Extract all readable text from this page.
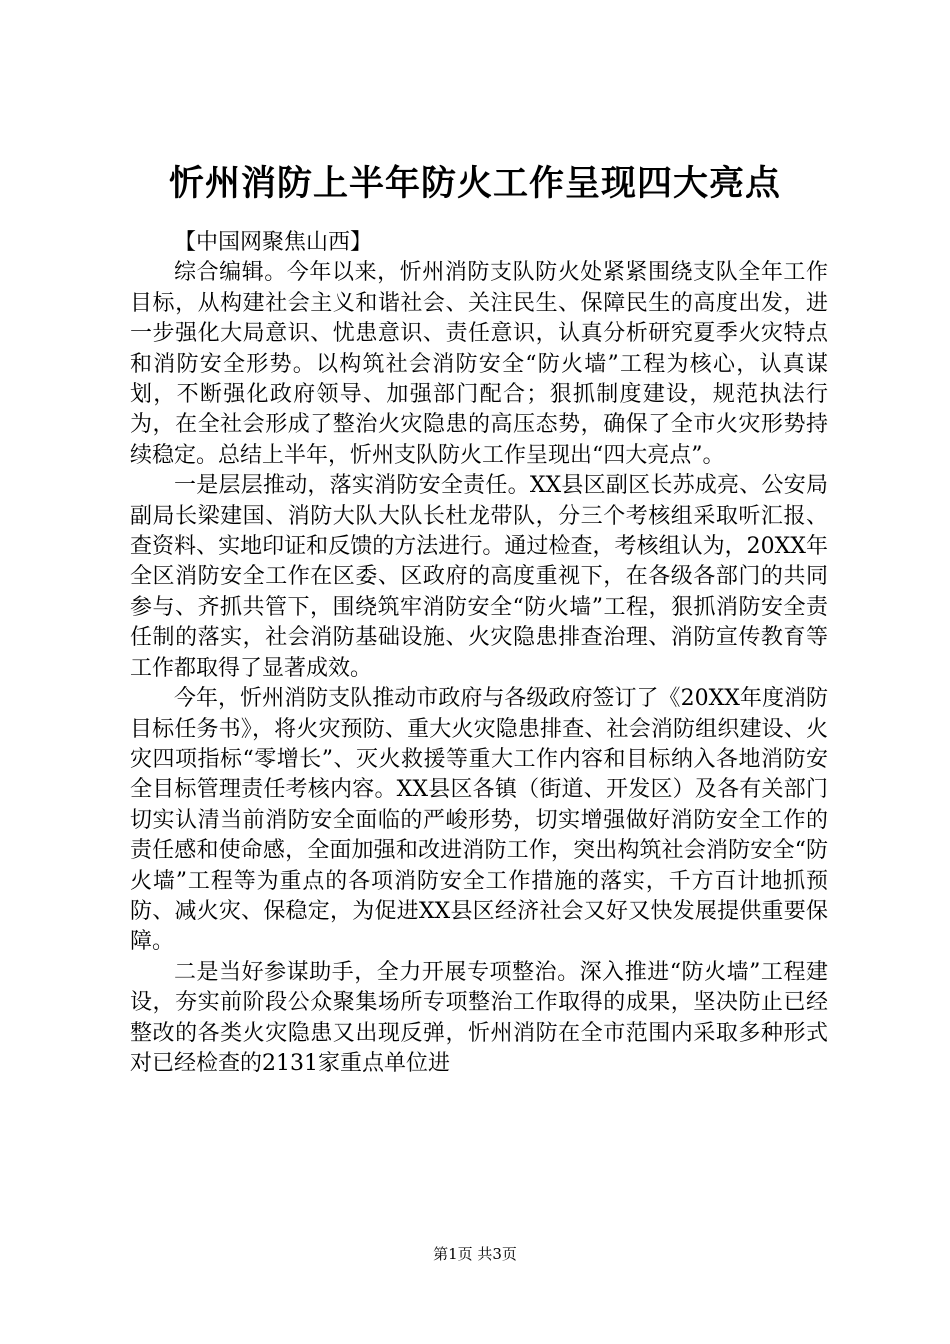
忻州消防上半年防火工作呈现四大亮点
【中国网聚焦山西】

综合编辑。今年以来，忻州消防支队防火处紧紧围绕支队全年工作目标，从构建社会主义和谐社会、关注民生、保障民生的高度出发，进一步强化大局意识、忧患意识、责任意识，认真分析研究夏季火灾特点和消防安全形势。以构筑社会消防安全“防火墙”工程为核心，认真谋划，不断强化政府领导、加强部门配合；狠抓制度建设，规范执法行为，在全社会形成了整治火灾隐患的高压态势，确保了全市火灾形势持续稳定。总结上半年，忻州支队防火工作呈现出“四大亮点”。

一是层层推动，落实消防安全责任。XX县区副区长苏成亮、公安局副局长梁建国、消防大队大队长杜龙带队，分三个考核组采取听汇报、查资料、实地印证和反馈的方法进行。通过检查，考核组认为，20XX年全区消防安全工作在区委、区政府的高度重视下，在各级各部门的共同参与、齐抓共管下，围绕筑牢消防安全“防火墙”工程，狠抓消防安全责任制的落实，社会消防基础设施、火灾隐患排查治理、消防宣传教育等工作都取得了显著成效。

今年，忻州消防支队推动市政府与各级政府签订了《20XX年度消防目标任务书》，将火灾预防、重大火灾隐患排查、社会消防组织建设、火灾四项指标“零增长”、灭火救援等重大工作内容和目标纳入各地消防安全目标管理责任考核内容。XX县区各镇（街道、开发区）及各有关部门切实认清当前消防安全面临的严峻形势，切实增强做好消防安全工作的责任感和使命感，全面加强和改进消防工作，突出构筑社会消防安全“防火墙”工程等为重点的各项消防安全工作措施的落实，千方百计地抓预防、减火灾、保稳定，为促进XX县区经济社会又好又快发展提供重要保障。

二是当好参谋助手，全力开展专项整治。深入推进“防火墙”工程建设，夯实前阶段公众聚集场所专项整治工作取得的成果，坚决防止已经整改的各类火灾隐患又出现反弹，忻州消防在全市范围内采取多种形式对已经检查的2131家重点单位进

第1页 共3页
